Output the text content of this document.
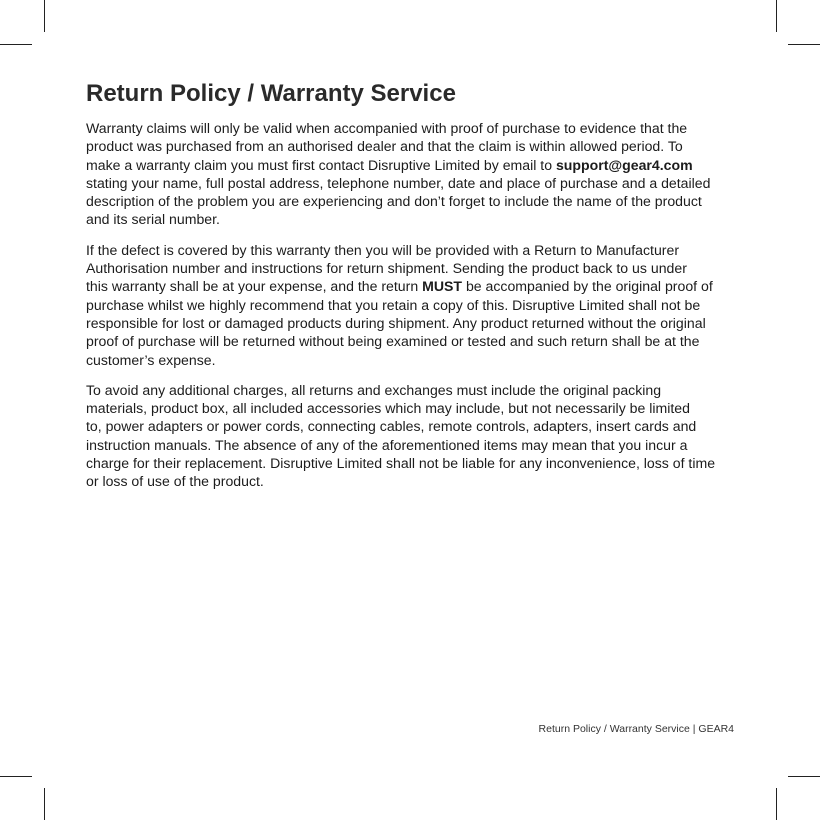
Return Policy / Warranty Service

Warranty claims will only be valid when accompanied with proof of purchase to evidence that the
product was purchased from an authorised dealer and that the claim is within allowed period. To
make a warranty claim you must first contact Disruptive Limited by email to support@gear4.com
stating your name, full postal address, telephone number, date and place of purchase and a detailed
description of the problem you are experiencing and don’t forget to include the name of the product
and its serial number.

If the defect is covered by this warranty then you will be provided with a Return to Manufacturer
Authorisation number and instructions for return shipment. Sending the product back to us under
this warranty shall be at your expense, and the return MUST be accompanied by the original proof of
purchase whilst we highly recommend that you retain a copy of this. Disruptive Limited shall not be
responsible for lost or damaged products during shipment. Any product returned without the original
proof of purchase will be returned without being examined or tested and such return shall be at the
customer’s expense.

To avoid any additional charges, all returns and exchanges must include the original packing
materials, product box, all included accessories which may include, but not necessarily be limited
to, power adapters or power cords, connecting cables, remote controls, adapters, insert cards and
instruction manuals. The absence of any of the aforementioned items may mean that you incur a
charge for their replacement. Disruptive Limited shall not be liable for any inconvenience, loss of time
or loss of use of the product.

Return Policy / Warranty Service | GEAR4
